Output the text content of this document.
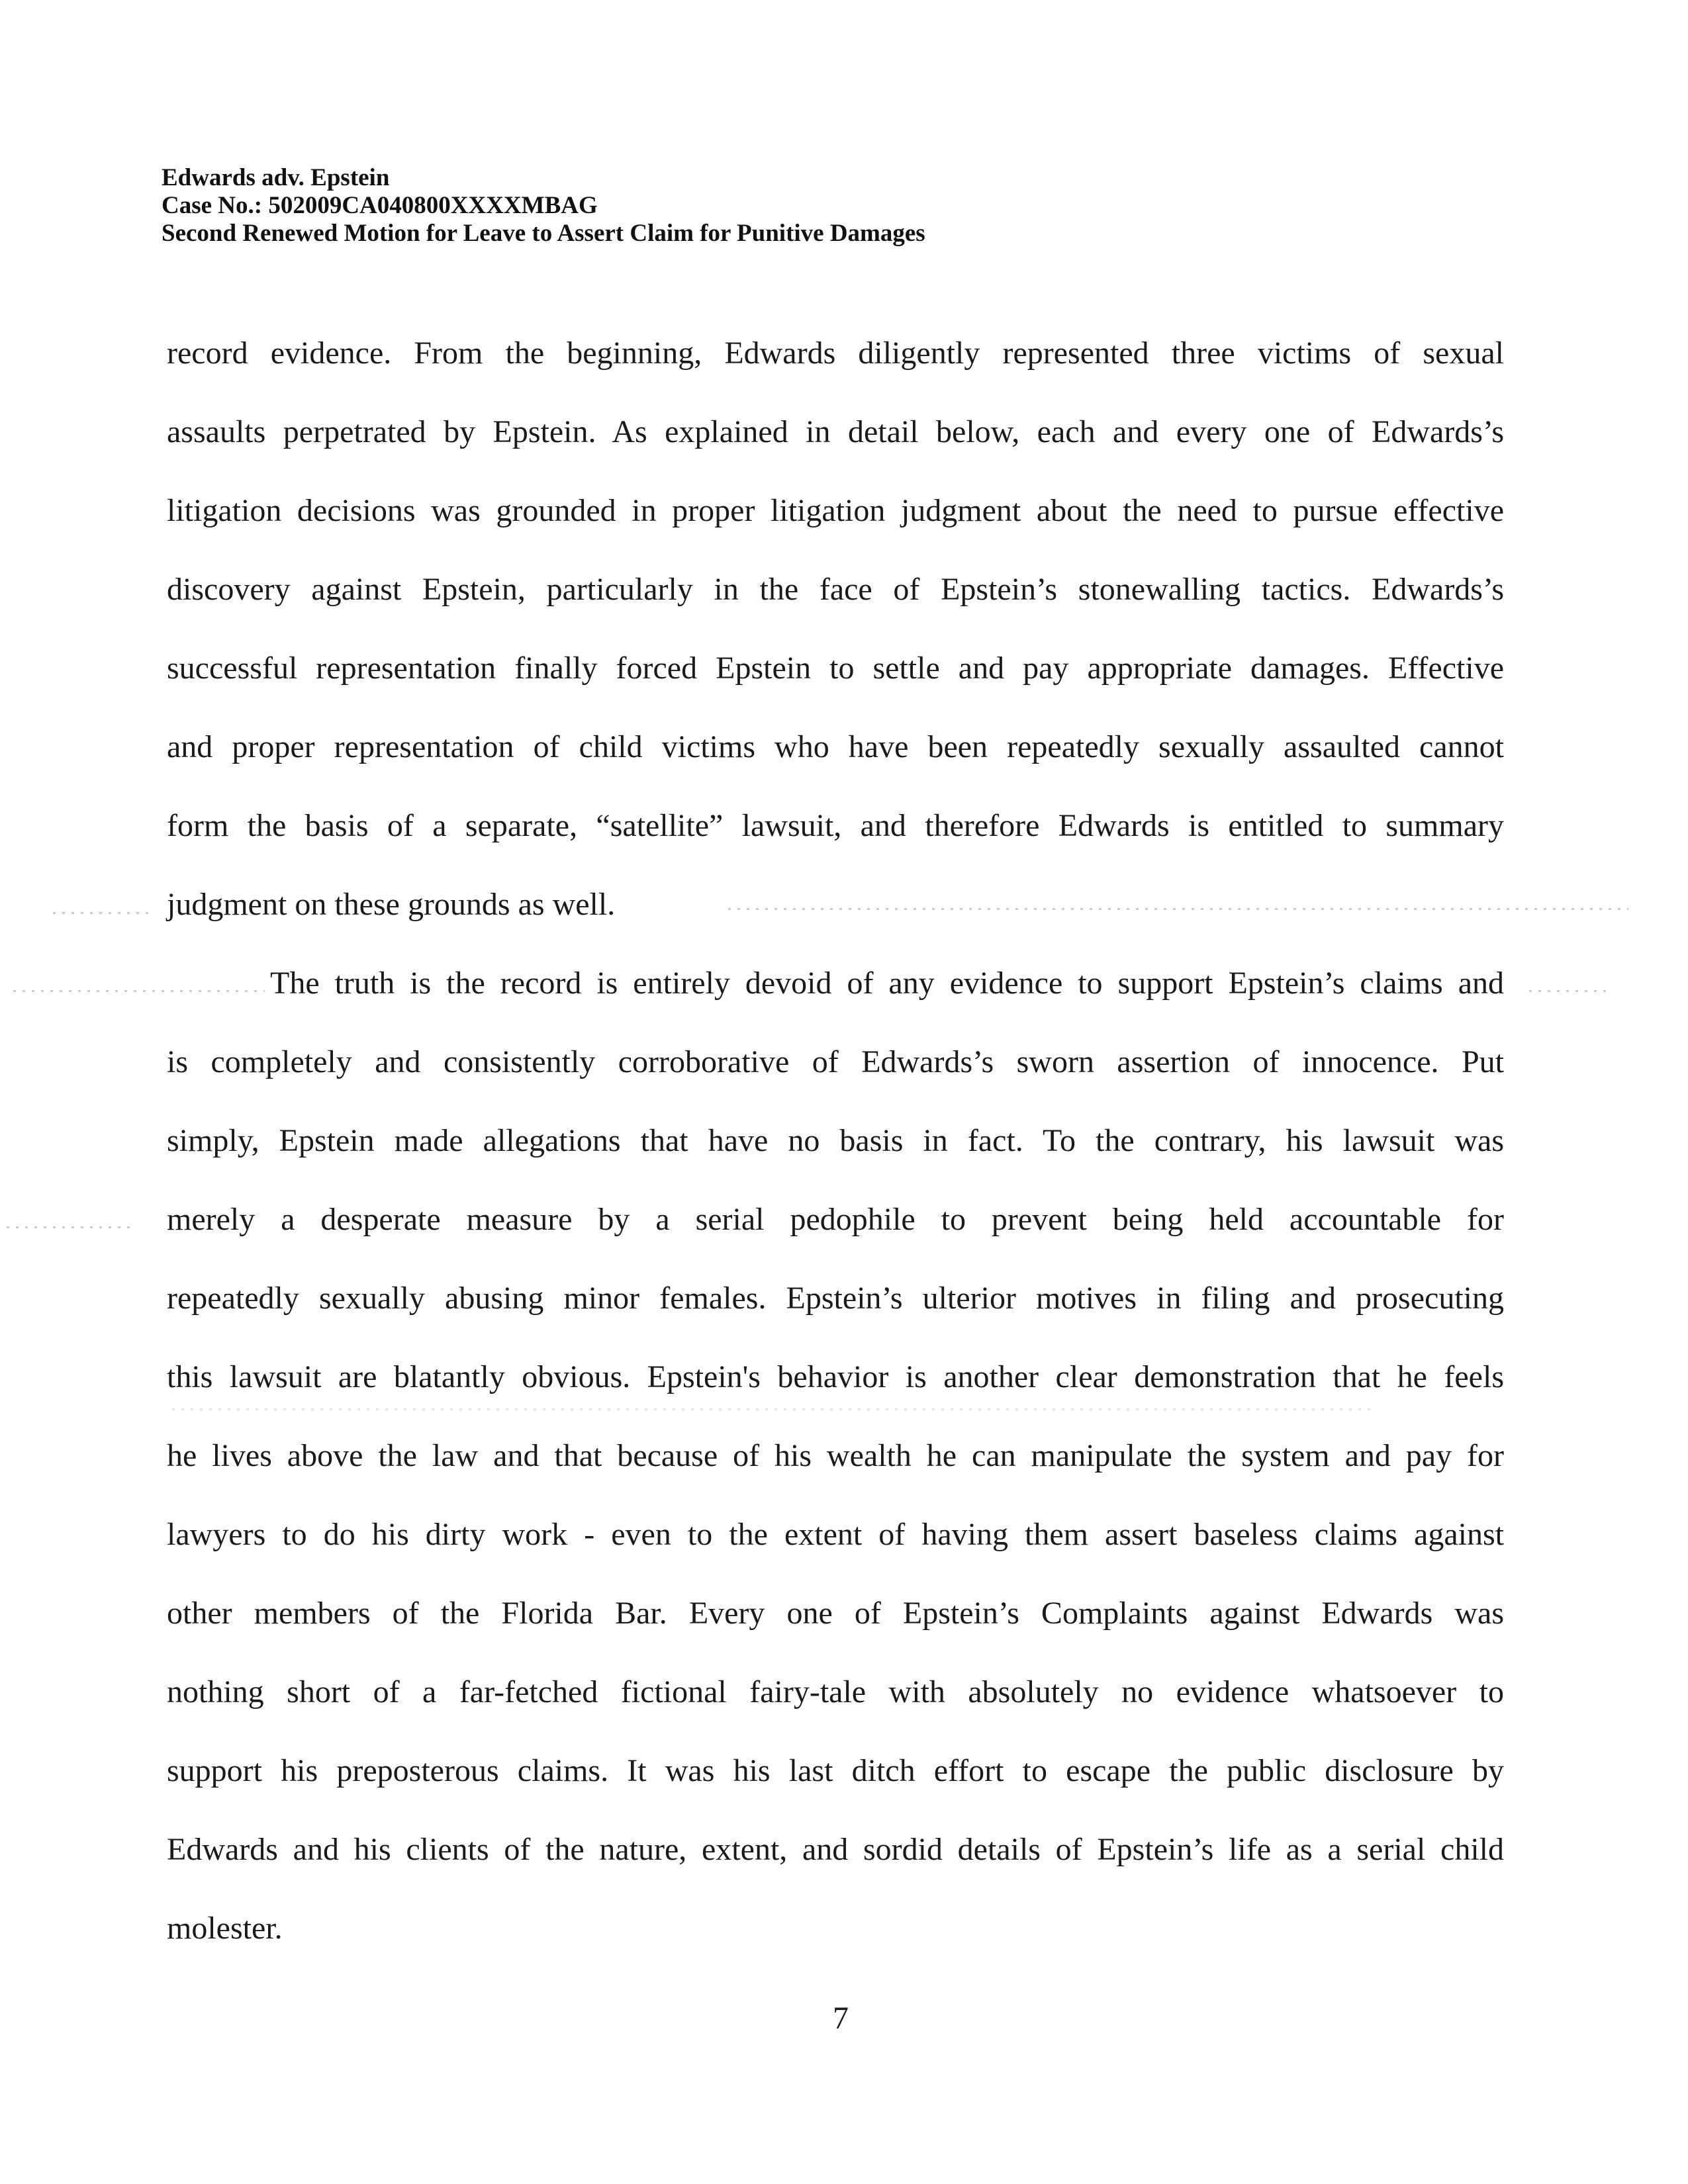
Edwards adv. Epstein
Case No.: 502009CA040800XXXXMBAG
Second Renewed Motion for Leave to Assert Claim for Punitive Damages
record evidence. From the beginning, Edwards diligently represented three victims of sexual
assaults perpetrated by Epstein. As explained in detail below, each and every one of Edwards’s
litigation decisions was grounded in proper litigation judgment about the need to pursue effective
discovery against Epstein, particularly in the face of Epstein’s stonewalling tactics. Edwards’s
successful representation finally forced Epstein to settle and pay appropriate damages. Effective
and proper representation of child victims who have been repeatedly sexually assaulted cannot
form the basis of a separate, “satellite” lawsuit, and therefore Edwards is entitled to summary
judgment on these grounds as well.
The truth is the record is entirely devoid of any evidence to support Epstein’s claims and
is completely and consistently corroborative of Edwards’s sworn assertion of innocence. Put
simply, Epstein made allegations that have no basis in fact. To the contrary, his lawsuit was
merely a desperate measure by a serial pedophile to prevent being held accountable for
repeatedly sexually abusing minor females. Epstein’s ulterior motives in filing and prosecuting
this lawsuit are blatantly obvious. Epstein's behavior is another clear demonstration that he feels
he lives above the law and that because of his wealth he can manipulate the system and pay for
lawyers to do his dirty work - even to the extent of having them assert baseless claims against
other members of the Florida Bar. Every one of Epstein’s Complaints against Edwards was
nothing short of a far-fetched fictional fairy-tale with absolutely no evidence whatsoever to
support his preposterous claims. It was his last ditch effort to escape the public disclosure by
Edwards and his clients of the nature, extent, and sordid details of Epstein’s life as a serial child
molester.
7
